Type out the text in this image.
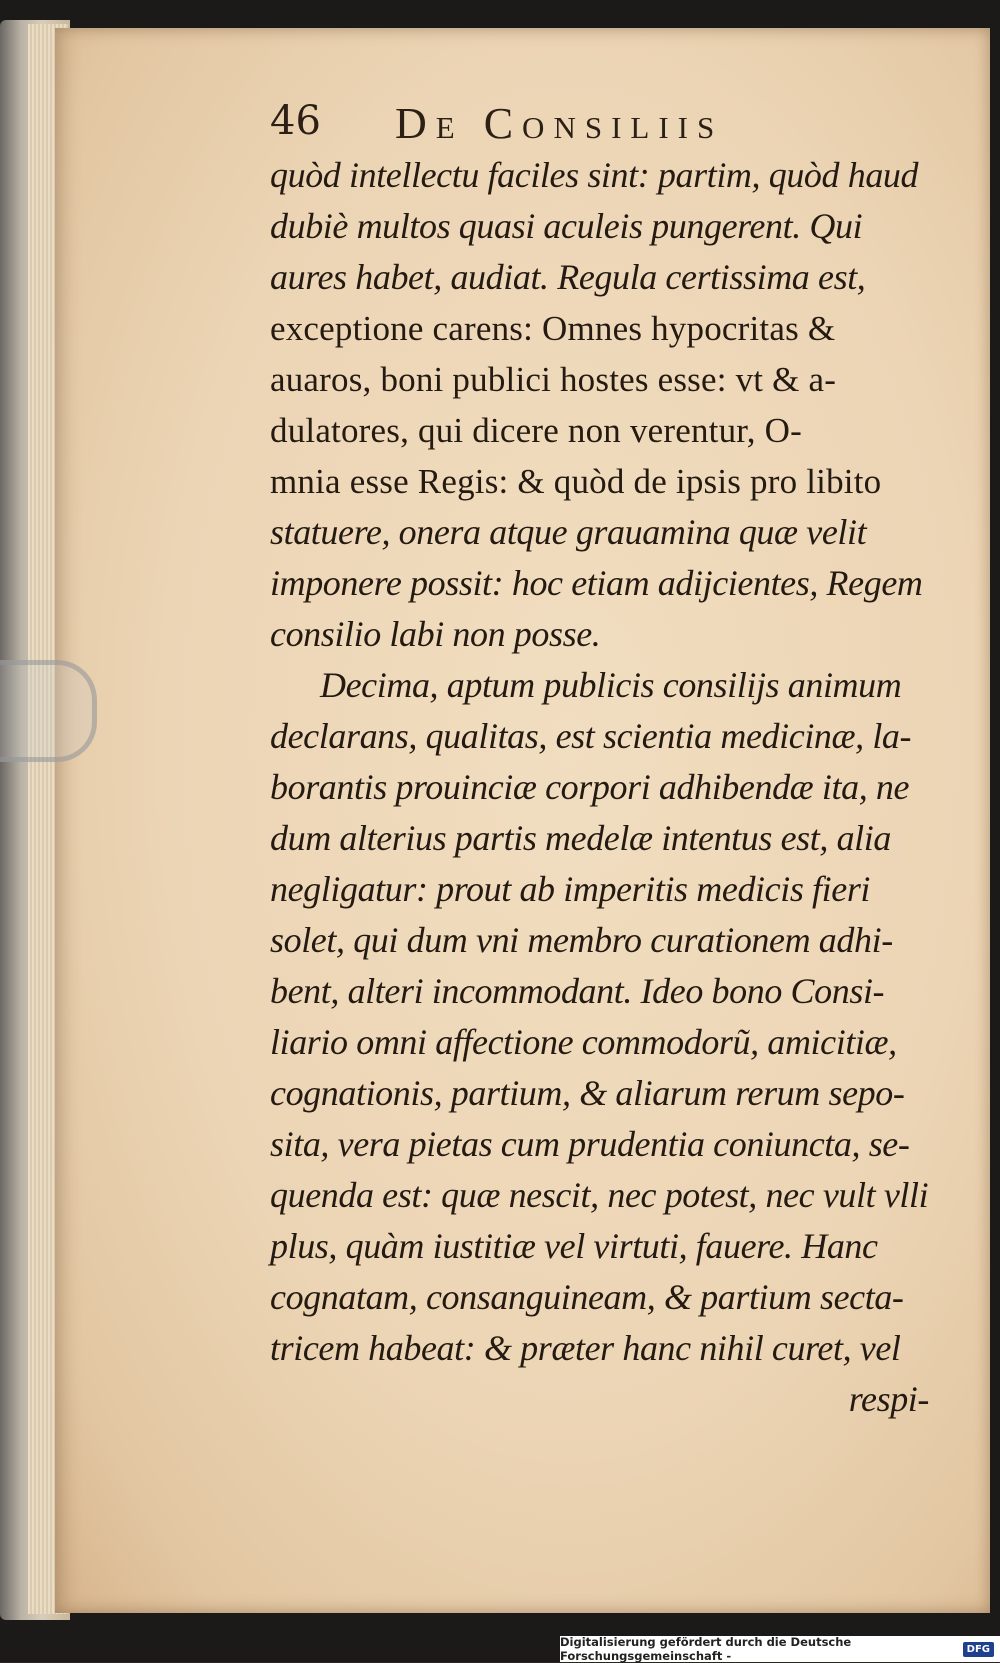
46 De Consiliis
quòd intellectu faciles sint: partim, quòd haud
dubiè multos quasi aculeis pungerent. Qui
aures habet, audiat. Regula certissima est,
exceptione carens: Omnes hypocritas &
auaros, boni publici hostes esse: vt & a-
dulatores, qui dicere non verentur, O-
mnia esse Regis: & quòd de ipsis pro libito
statuere, onera atque grauamina quæ velit
imponere possit: hoc etiam adijcientes, Regem
consilio labi non posse.
Decima, aptum publicis consilijs animum
declarans, qualitas, est scientia medicinæ, la-
borantis prouinciæ corpori adhibendæ ita, ne
dum alterius partis medelæ intentus est, alia
negligatur: prout ab imperitis medicis fieri
solet, qui dum vni membro curationem adhi-
bent, alteri incommodant. Ideo bono Consi-
liario omni affectione commodorũ, amicitiæ,
cognationis, partium, & aliarum rerum sepo-
sita, vera pietas cum prudentia coniuncta, se-
quenda est: quæ nescit, nec potest, nec vult vlli
plus, quàm iustitiæ vel virtuti, fauere. Hanc
cognatam, consanguineam, & partium secta-
tricem habeat: & præter hanc nihil curet, vel
respi-
Digitalisierung gefördert durch die Deutsche Forschungsgemeinschaft -	DFG
